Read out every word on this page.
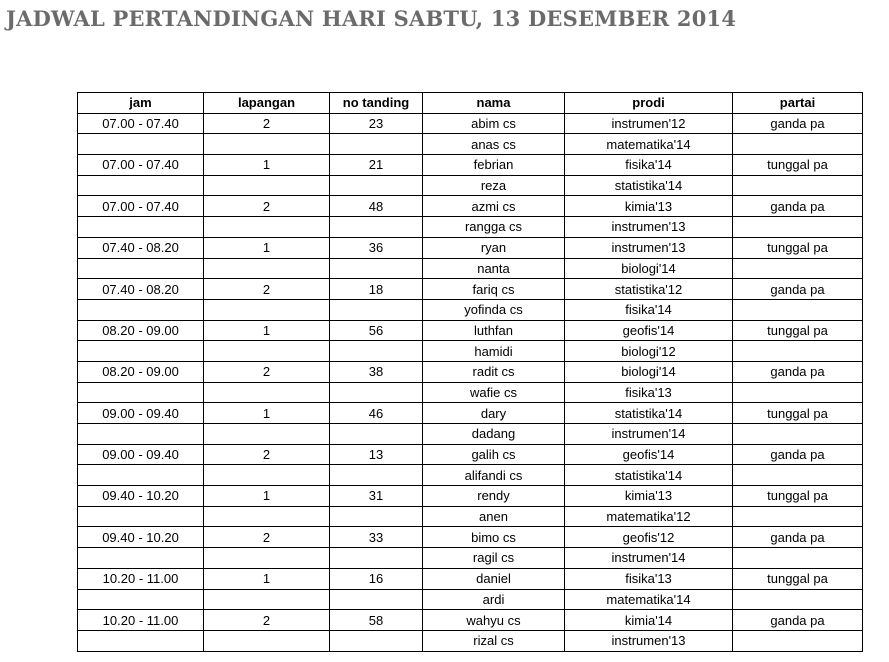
JADWAL PERTANDINGAN HARI SABTU, 13 DESEMBER 2014
jam	lapangan	no tanding	nama	prodi	partai
07.00 - 07.40	2	23	abim cs	instrumen'12	ganda pa
			anas cs	matematika'14	
07.00 - 07.40	1	21	febrian	fisika'14	tunggal pa
			reza	statistika'14	
07.00 - 07.40	2	48	azmi cs	kimia'13	ganda pa
			rangga cs	instrumen'13	
07.40 - 08.20	1	36	ryan	instrumen'13	tunggal pa
			nanta	biologi'14	
07.40 - 08.20	2	18	fariq cs	statistika'12	ganda pa
			yofinda cs	fisika'14	
08.20 - 09.00	1	56	luthfan	geofis'14	tunggal pa
			hamidi	biologi'12	
08.20 - 09.00	2	38	radit cs	biologi'14	ganda pa
			wafie cs	fisika'13	
09.00 - 09.40	1	46	dary	statistika'14	tunggal pa
			dadang	instrumen'14	
09.00 - 09.40	2	13	galih cs	geofis'14	ganda pa
			alifandi cs	statistika'14	
09.40 - 10.20	1	31	rendy	kimia'13	tunggal pa
			anen	matematika'12	
09.40 - 10.20	2	33	bimo cs	geofis'12	ganda pa
			ragil cs	instrumen'14	
10.20 - 11.00	1	16	daniel	fisika'13	tunggal pa
			ardi	matematika'14	
10.20 - 11.00	2	58	wahyu cs	kimia'14	ganda pa
			rizal cs	instrumen'13	
